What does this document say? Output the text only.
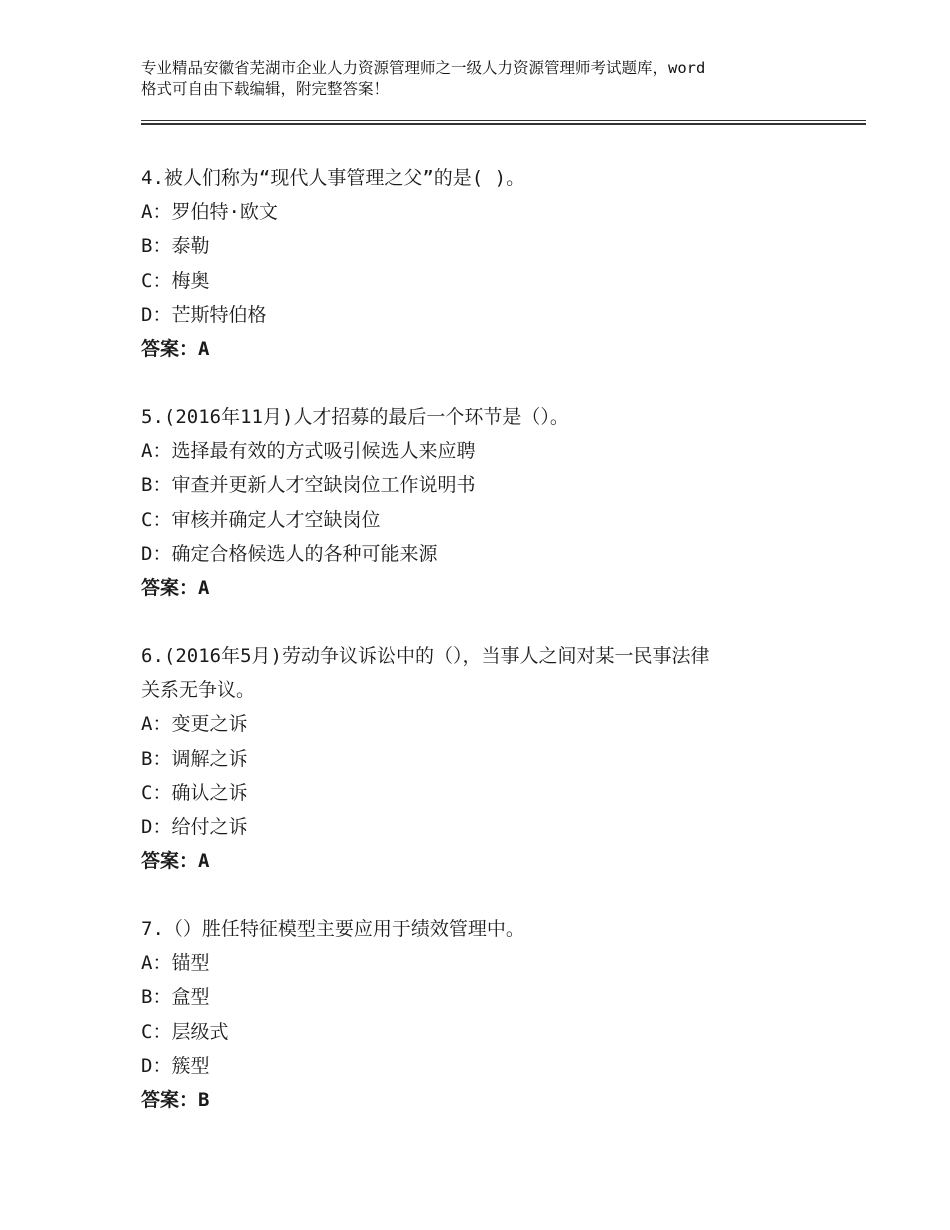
专业精品安徽省芜湖市企业人力资源管理师之一级人力资源管理师考试题库，word
格式可自由下载编辑，附完整答案！
4.被人们称为“现代人事管理之父”的是( )。
A：罗伯特·欧文
B：泰勒
C：梅奥
D：芒斯特伯格
答案：A
5.(2016年11月)人才招募的最后一个环节是（）。
A：选择最有效的方式吸引候选人来应聘
B：审查并更新人才空缺岗位工作说明书
C：审核并确定人才空缺岗位
D：确定合格候选人的各种可能来源
答案：A
6.(2016年5月)劳动争议诉讼中的（），当事人之间对某一民事法律
关系无争议。
A：变更之诉
B：调解之诉
C：确认之诉
D：给付之诉
答案：A
7.（）胜任特征模型主要应用于绩效管理中。
A：锚型
B：盒型
C：层级式
D：簇型
答案：B
